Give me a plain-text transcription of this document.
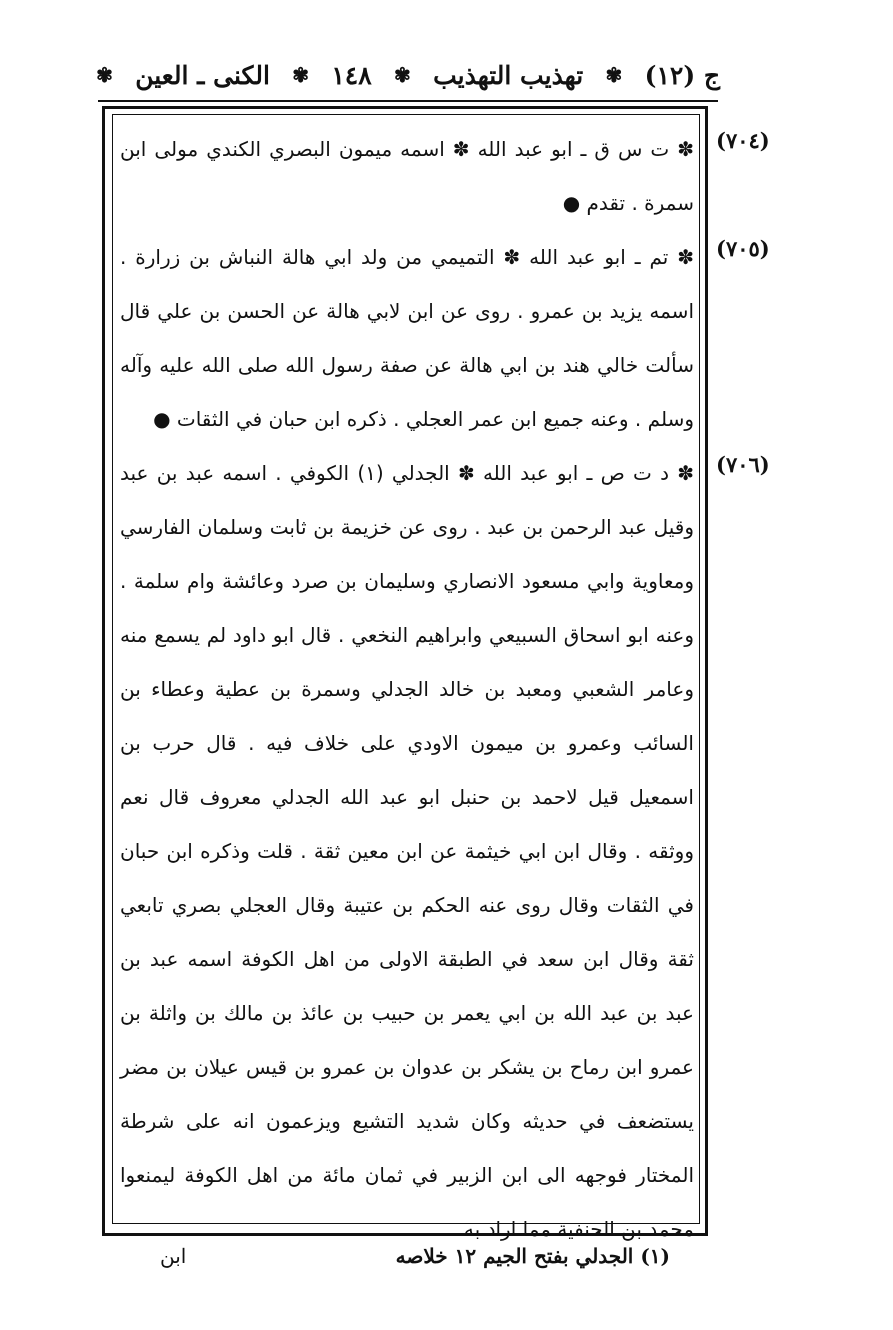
ج (١٢)
✾
تهذيب التهذيب
✾
١٤٨
✾
الكنى ـ العين
✾
(٧٠٤)
(٧٠٥)
(٧٠٦)

✽ ت س ق ـ ابو عبد الله ✽ اسمه ميمون البصري الكندي مولى ابن سمرة . تقدم ●

✽ تم ـ ابو عبد الله ✽ التميمي من ولد ابي هالة النباش بن زرارة . اسمه يزيد بن عمرو . روى عن ابن لابي هالة عن الحسن بن علي قال سألت خالي هند بن ابي هالة عن صفة رسول الله صلى الله عليه وآله وسلم . وعنه جميع ابن عمر العجلي . ذكره ابن حبان في الثقات ●

✽ د ت ص ـ ابو عبد الله ✽ الجدلي (١) الكوفي . اسمه عبد بن عبد وقيل عبد الرحمن بن عبد . روى عن خزيمة بن ثابت وسلمان الفارسي ومعاوية وابي مسعود الانصاري وسليمان بن صرد وعائشة وام سلمة . وعنه ابو اسحاق السبيعي وابراهيم النخعي . قال ابو داود لم يسمع منه وعامر الشعبي ومعبد بن خالد الجدلي وسمرة بن عطية وعطاء بن السائب وعمرو بن ميمون الاودي على خلاف فيه . قال حرب بن اسمعيل قيل لاحمد بن حنبل ابو عبد الله الجدلي معروف قال نعم ووثقه . وقال ابن ابي خيثمة عن ابن معين ثقة . قلت وذكره ابن حبان في الثقات وقال روى عنه الحكم بن عتيبة وقال العجلي بصري تابعي ثقة وقال ابن سعد في الطبقة الاولى من اهل الكوفة اسمه عبد بن عبد بن عبد الله بن ابي يعمر بن حبيب بن عائذ بن مالك بن واثلة بن عمرو ابن رماح بن يشكر بن عدوان بن عمرو بن قيس عيلان بن مضر يستضعف في حديثه وكان شديد التشيع ويزعمون انه على شرطة المختار فوجهه الى ابن الزبير في ثمان مائة من اهل الكوفة ليمنعوا محمد بن الحنفية مما اراد به

(١) الجدلي بفتح الجيم ١٢ خلاصه
ابن
